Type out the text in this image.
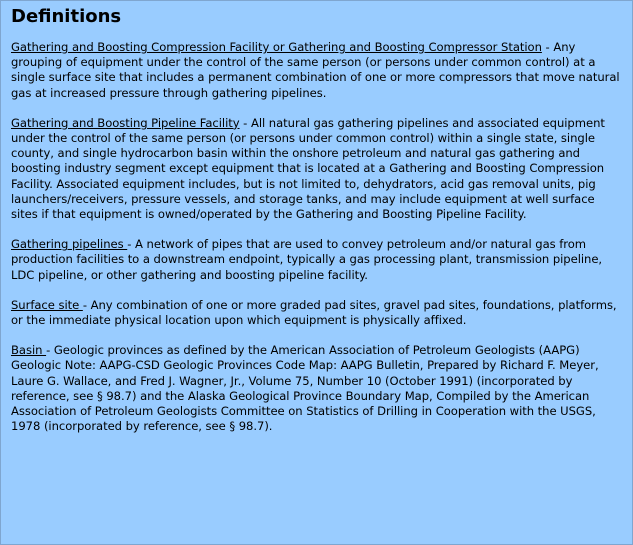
Definitions

Gathering and Boosting Compression Facility or Gathering and Boosting Compressor Station - Any grouping of equipment under the control of the same person (or persons under common control) at a single surface site that includes a permanent combination of one or more compressors that move natural gas at increased pressure through gathering pipelines.

Gathering and Boosting Pipeline Facility - All natural gas gathering pipelines and associated equipment under the control of the same person (or persons under common control) within a single state, single county, and single hydrocarbon basin within the onshore petroleum and natural gas gathering and boosting industry segment except equipment that is located at a Gathering and Boosting Compression Facility. Associated equipment includes, but is not limited to, dehydrators, acid gas removal units, pig launchers/receivers, pressure vessels, and storage tanks, and may include equipment at well surface sites if that equipment is owned/operated by the Gathering and Boosting Pipeline Facility.

Gathering pipelines - A network of pipes that are used to convey petroleum and/or natural gas from production facilities to a downstream endpoint, typically a gas processing plant, transmission pipeline, LDC pipeline, or other gathering and boosting pipeline facility.

Surface site - Any combination of one or more graded pad sites, gravel pad sites, foundations, platforms, or the immediate physical location upon which equipment is physically affixed.

Basin - Geologic provinces as defined by the American Association of Petroleum Geologists (AAPG) Geologic Note: AAPG-CSD Geologic Provinces Code Map: AAPG Bulletin, Prepared by Richard F. Meyer, Laure G. Wallace, and Fred J. Wagner, Jr., Volume 75, Number 10 (October 1991) (incorporated by reference, see § 98.7) and the Alaska Geological Province Boundary Map, Compiled by the American Association of Petroleum Geologists Committee on Statistics of Drilling in Cooperation with the USGS, 1978 (incorporated by reference, see § 98.7).
